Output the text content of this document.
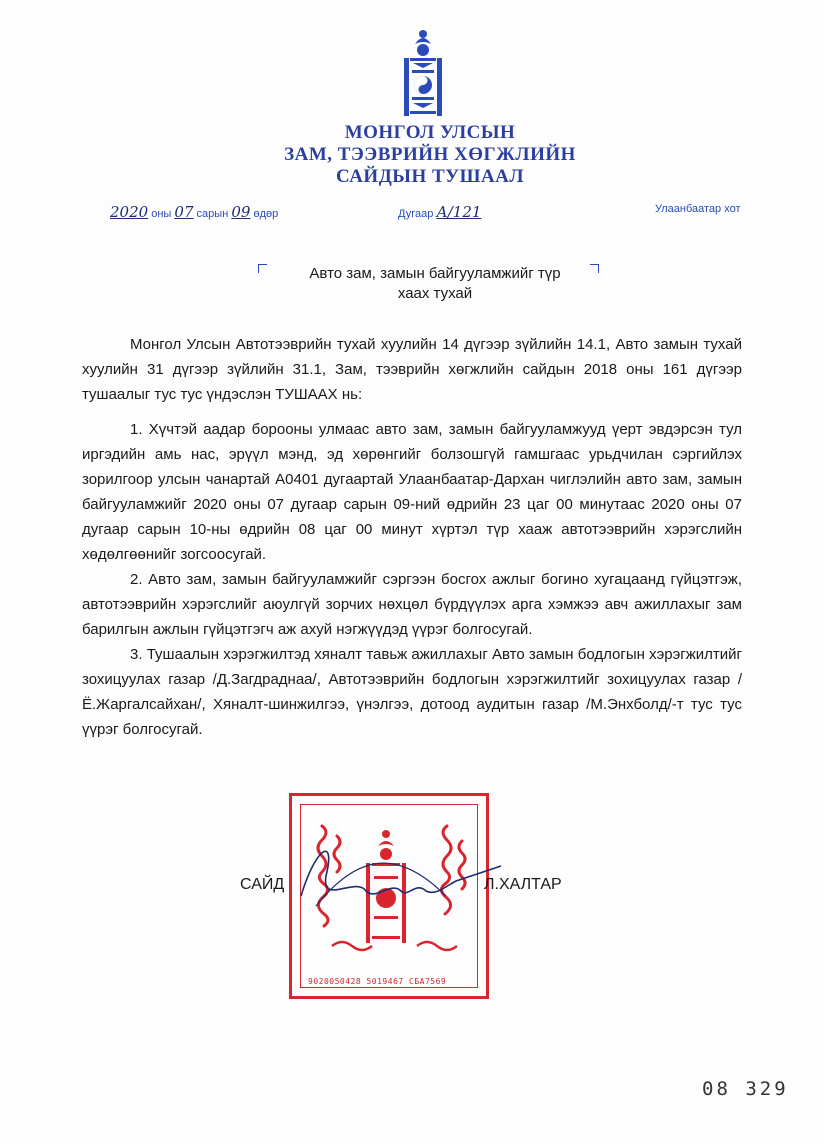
МОНГОЛ УЛСЫН
ЗАМ, ТЭЭВРИЙН ХӨГЖЛИЙН
САЙДЫН ТУШААЛ
2020 оны 07 сарын 09 өдөр	Дугаар А/121	Улаанбаатар хот
Авто зам, замын байгууламжийг түр
хаах тухай

Монгол Улсын Автотээврийн тухай хуулийн 14 дүгээр зүйлийн 14.1, Авто замын тухай хуулийн 31 дүгээр зүйлийн 31.1, Зам, тээврийн хөгжлийн сайдын 2018 оны 161 дүгээр тушаалыг тус тус үндэслэн ТУШААХ нь:

1. Хүчтэй аадар борооны улмаас авто зам, замын байгууламжууд үерт эвдэрсэн тул иргэдийн амь нас, эрүүл мэнд, эд хөрөнгийг болзошгүй гамшгаас урьдчилан сэргийлэх зорилгоор улсын чанартай А0401 дугаартай Улаанбаатар-Дархан чиглэлийн авто зам, замын байгууламжийг 2020 оны 07 дугаар сарын 09-ний өдрийн 23 цаг 00 минутаас 2020 оны 07 дугаар сарын 10-ны өдрийн 08 цаг 00 минут хүртэл түр хааж автотээврийн хэрэгслийн хөдөлгөөнийг зогсоосугай.

2. Авто зам, замын байгууламжийг сэргээн босгох ажлыг богино хугацаанд гүйцэтгэж, автотээврийн хэрэгслийг аюулгүй зорчих нөхцөл бүрдүүлэх арга хэмжээ авч ажиллахыг зам барилгын ажлын гүйцэтгэгч аж ахуй нэгжүүдэд үүрэг болгосугай.

3. Тушаалын хэрэгжилтэд хяналт тавьж ажиллахыг Авто замын бодлогын хэрэгжилтийг зохицуулах газар /Д.Загдраднаа/, Автотээврийн бодлогын хэрэгжилтийг зохицуулах газар /Ё.Жаргалсайхан/, Хяналт-шинжилгээ, үнэлгээ, дотоод аудитын газар /М.Энхболд/-т тус тус үүрэг болгосугай.

9020050428 5019467 СБА7569
САЙД	Л.ХАЛТАР
08 329
